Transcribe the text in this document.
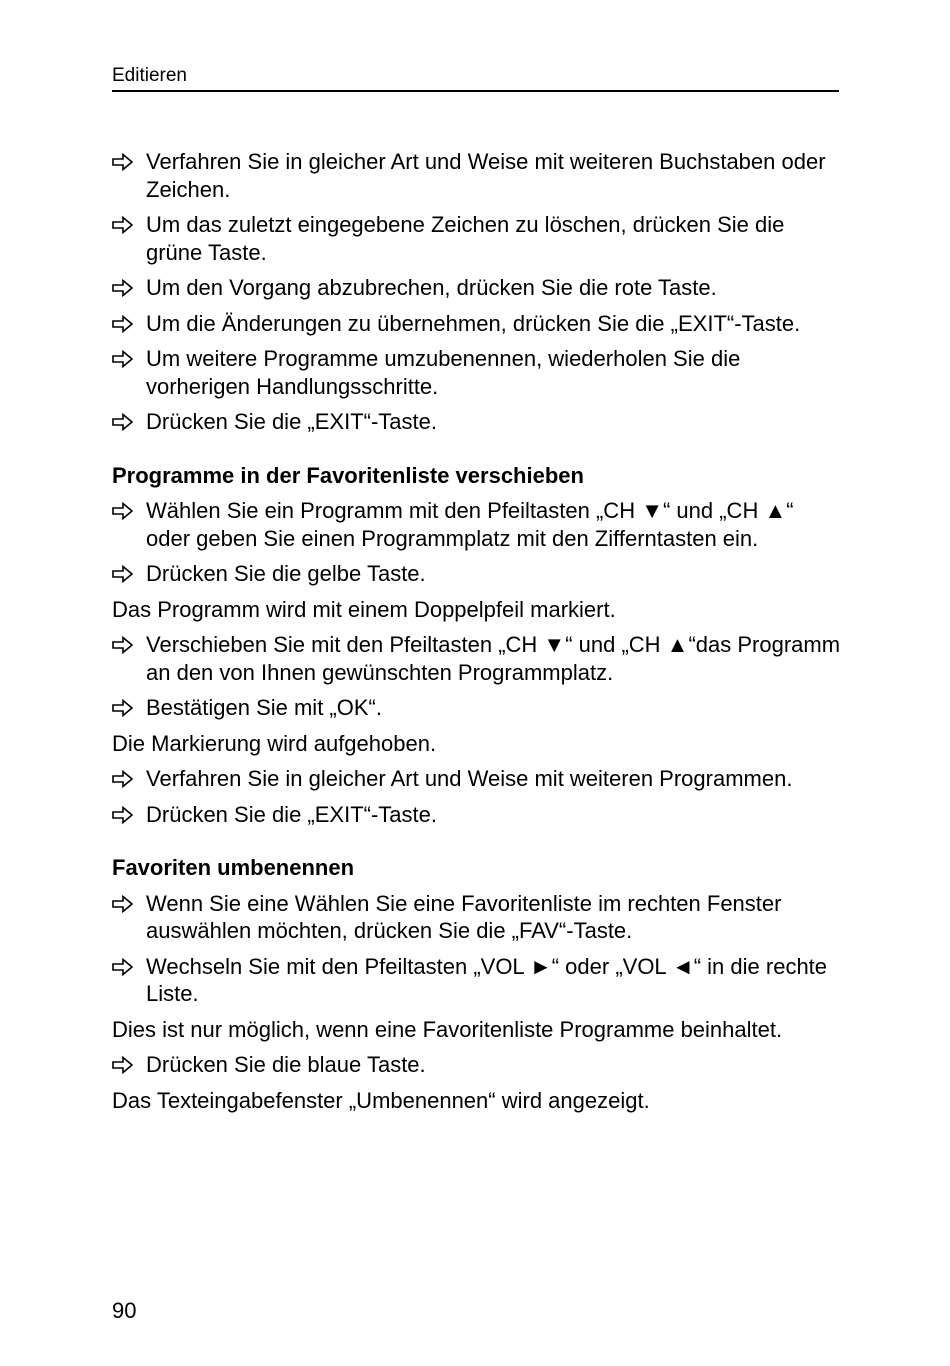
Editieren
Verfahren Sie in gleicher Art und Weise mit weiteren Buchstaben oder Zeichen.
Um das zuletzt eingegebene Zeichen zu löschen, drücken Sie die grüne Taste.
Um den Vorgang abzubrechen, drücken Sie die rote Taste.
Um die Änderungen zu übernehmen, drücken Sie die „EXIT“-Taste.
Um weitere Programme umzubenennen, wiederholen Sie die vorherigen Handlungsschritte.
Drücken Sie die „EXIT“-Taste.
Programme in der Favoritenliste verschieben
Wählen Sie ein Programm mit den Pfeiltasten „CH ▼“ und „CH ▲“ oder geben Sie einen Programmplatz mit den Zifferntasten ein.
Drücken Sie die gelbe Taste.
Das Programm wird mit einem Doppelpfeil markiert.
Verschieben Sie mit den Pfeiltasten „CH ▼“ und „CH ▲“das Programm an den von Ihnen gewünschten Programmplatz.
Bestätigen Sie mit „OK“.
Die Markierung wird aufgehoben.
Verfahren Sie in gleicher Art und Weise mit weiteren Programmen.
Drücken Sie die „EXIT“-Taste.
Favoriten umbenennen
Wenn Sie eine Wählen Sie eine Favoritenliste im rechten Fenster auswählen möchten, drücken Sie die „FAV“-Taste.
Wechseln Sie mit den Pfeiltasten „VOL ►“ oder „VOL ◄“ in die rechte Liste.
Dies ist nur möglich, wenn eine Favoritenliste Programme beinhaltet.
Drücken Sie die blaue Taste.
Das Texteingabefenster „Umbenennen“ wird angezeigt.
90
